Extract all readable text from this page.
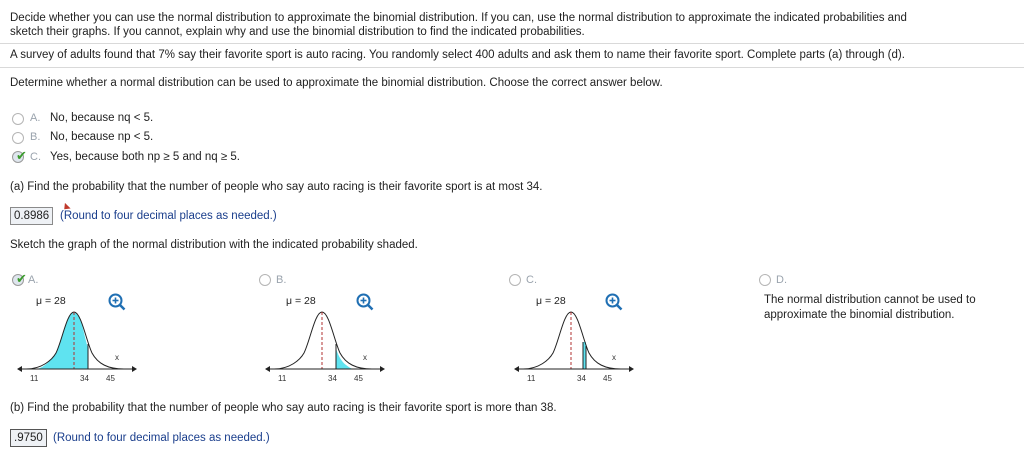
Decide whether you can use the normal distribution to approximate the binomial distribution. If you can, use the normal distribution to approximate the indicated probabilities and
sketch their graphs. If you cannot, explain why and use the binomial distribution to find the indicated probabilities.
A survey of adults found that 7% say their favorite sport is auto racing. You randomly select 400 adults and ask them to name their favorite sport. Complete parts (a) through (d).
Determine whether a normal distribution can be used to approximate the binomial distribution. Choose the correct answer below.
A. No, because nq < 5.
B. No, because np < 5.
✔ C. Yes, because both np ≥ 5 and nq ≥ 5.
(a) Find the probability that the number of people who say auto racing is their favorite sport is at most 34.
0.8986 (Round to four decimal places as needed.)
Sketch the graph of the normal distribution with the indicated probability shaded.
✔ A.
μ = 28
x
11	34 45
B.
μ = 28
x
11	34 45
C.
μ = 28
x
11	34 45
D.
The normal distribution cannot be used to
approximate the binomial distribution.
(b) Find the probability that the number of people who say auto racing is their favorite sport is more than 38.
.9750 (Round to four decimal places as needed.)
